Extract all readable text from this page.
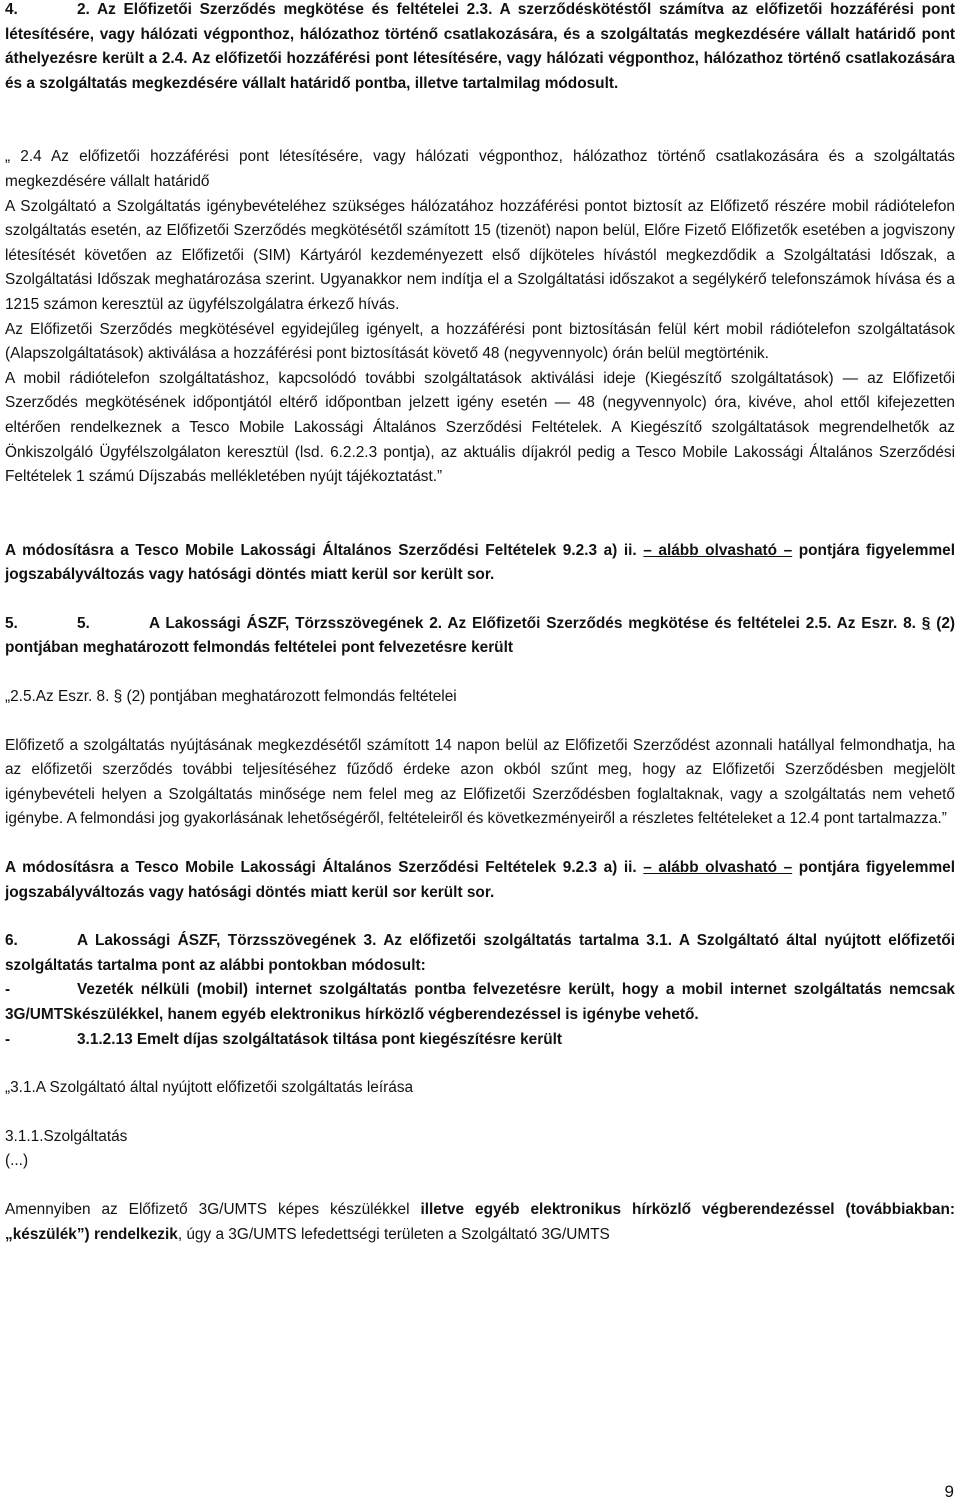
4.	2. Az Előfizetői Szerződés megkötése és feltételei 2.3. A szerződéskötéstől számítva az előfizetői hozzáférési pont létesítésére, vagy hálózati végponthoz, hálózathoz történő csatlakozására, és a szolgáltatás megkezdésére vállalt határidő pont áthelyezésre került a 2.4. Az előfizetői hozzáférési pont létesítésére, vagy hálózati végponthoz, hálózathoz történő csatlakozására és a szolgáltatás megkezdésére vállalt határidő pontba, illetve tartalmilag módosult.

„ 2.4 Az előfizetői hozzáférési pont létesítésére, vagy hálózati végponthoz, hálózathoz történő csatlakozására és a szolgáltatás megkezdésére vállalt határidő

A Szolgáltató a Szolgáltatás igénybevételéhez szükséges hálózatához hozzáférési pontot biztosít az Előfizető részére mobil rádiótelefon szolgáltatás esetén, az Előfizetői Szerződés megkötésétől számított 15 (tizenöt) napon belül, Előre Fizető Előfizetők esetében a jogviszony létesítését követően az Előfizetői (SIM) Kártyáról kezdeményezett első díjköteles hívástól megkezdődik a Szolgáltatási Időszak, a Szolgáltatási Időszak meghatározása szerint. Ugyanakkor nem indítja el a Szolgáltatási időszakot a segélykérő telefonszámok hívása és a 1215 számon keresztül az ügyfélszolgálatra érkező hívás.

Az Előfizetői Szerződés megkötésével egyidejűleg igényelt, a hozzáférési pont biztosításán felül kért mobil rádiótelefon szolgáltatások (Alapszolgáltatások) aktiválása a hozzáférési pont biztosítását követő 48 (negyvennyolc) órán belül megtörténik.

A mobil rádiótelefon szolgáltatáshoz, kapcsolódó további szolgáltatások aktiválási ideje (Kiegészítő szolgáltatások) — az Előfizetői Szerződés megkötésének időpontjától eltérő időpontban jelzett igény esetén — 48 (negyvennyolc) óra, kivéve, ahol ettől kifejezetten eltérően rendelkeznek a Tesco Mobile Lakossági Általános Szerződési Feltételek. A Kiegészítő szolgáltatások megrendelhetők az Önkiszolgáló Ügyfélszolgálaton keresztül (lsd. 6.2.2.3 pontja), az aktuális díjakról pedig a Tesco Mobile Lakossági Általános Szerződési Feltételek 1 számú Díjszabás mellékletében nyújt tájékoztatást.”

A módosításra a Tesco Mobile Lakossági Általános Szerződési Feltételek 9.2.3 a) ii. – alább olvasható – pontjára figyelemmel jogszabályváltozás vagy hatósági döntés miatt kerül sor került sor.

5.	5.	A Lakossági ÁSZF, Törzsszövegének 2. Az Előfizetői Szerződés megkötése és feltételei 2.5. Az Eszr. 8. § (2) pontjában meghatározott felmondás feltételei pont felvezetésre került

„2.5.Az Eszr. 8. § (2) pontjában meghatározott felmondás feltételei

Előfizető a szolgáltatás nyújtásának megkezdésétől számított 14 napon belül az Előfizetői Szerződést azonnali hatállyal felmondhatja, ha az előfizetői szerződés további teljesítéséhez fűződő érdeke azon okból szűnt meg, hogy az Előfizetői Szerződésben megjelölt igénybevételi helyen a Szolgáltatás minősége nem felel meg az Előfizetői Szerződésben foglaltaknak, vagy a szolgáltatás nem vehető igénybe. A felmondási jog gyakorlásának lehetőségéről, feltételeiről és következményeiről a részletes feltételeket a 12.4 pont tartalmazza.”

A módosításra a Tesco Mobile Lakossági Általános Szerződési Feltételek 9.2.3 a) ii. – alább olvasható – pontjára figyelemmel jogszabályváltozás vagy hatósági döntés miatt kerül sor került sor.

6.	A Lakossági ÁSZF, Törzsszövegének 3. Az előfizetői szolgáltatás tartalma 3.1. A Szolgáltató által nyújtott előfizetői szolgáltatás tartalma pont az alábbi pontokban módosult:

-	Vezeték nélküli (mobil) internet szolgáltatás pontba felvezetésre került, hogy a mobil internet szolgáltatás nemcsak 3G/UMTSkészülékkel, hanem egyéb elektronikus hírközlő végberendezéssel is igénybe vehető.

-	3.1.2.13 Emelt díjas szolgáltatások tiltása pont kiegészítésre került

„3.1.A Szolgáltató által nyújtott előfizetői szolgáltatás leírása

3.1.1.Szolgáltatás

(...)

Amennyiben az Előfizető 3G/UMTS képes készülékkel illetve egyéb elektronikus hírközlő végberendezéssel (továbbiakban: „készülék”) rendelkezik, úgy a 3G/UMTS lefedettségi területen a Szolgáltató 3G/UMTS

9
